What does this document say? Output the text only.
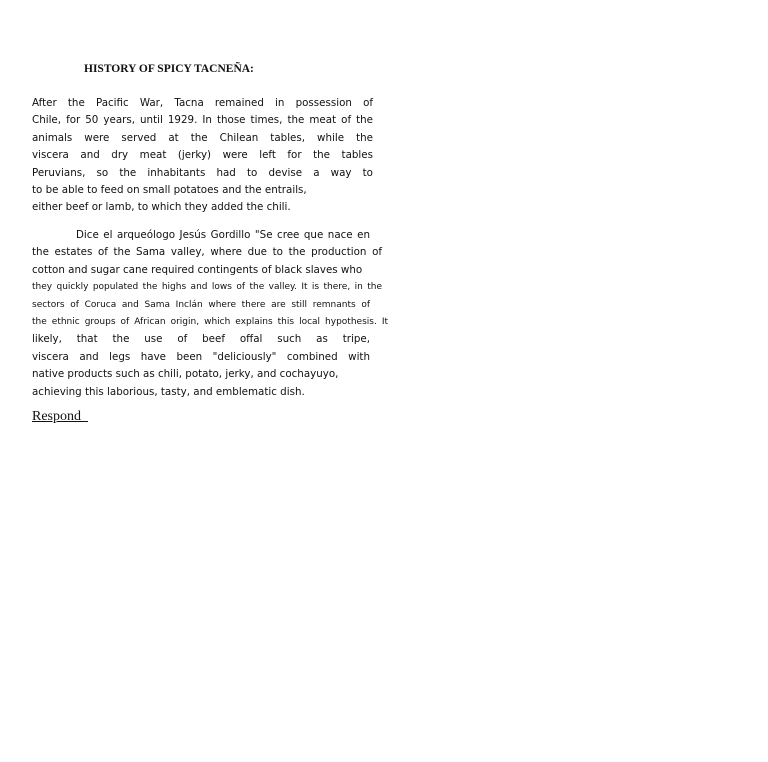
HISTORY OF SPICY TACNEÑA:

After the Pacific War, Tacna remained in possession of
Chile, for 50 years, until 1929. In those times, the meat of the
animals were served at the Chilean tables, while the
viscera and dry meat (jerky) were left for the tables
Peruvians, so the inhabitants had to devise a way to
to be able to feed on small potatoes and the entrails,
either beef or lamb, to which they added the chili.

Dice el arqueólogo Jesús Gordillo "Se cree que nace en
the estates of the Sama valley, where due to the production of
cotton and sugar cane required contingents of black slaves who
they quickly populated the highs and lows of the valley. It is there, in the
sectors of Coruca and Sama Inclán where there are still remnants of
the ethnic groups of African origin, which explains this local hypothesis. It
likely, that the use of beef offal such as tripe,
viscera and legs have been "deliciously" combined with
native products such as chili, potato, jerky, and cochayuyo,
achieving this laborious, tasty, and emblematic dish.

Respond
